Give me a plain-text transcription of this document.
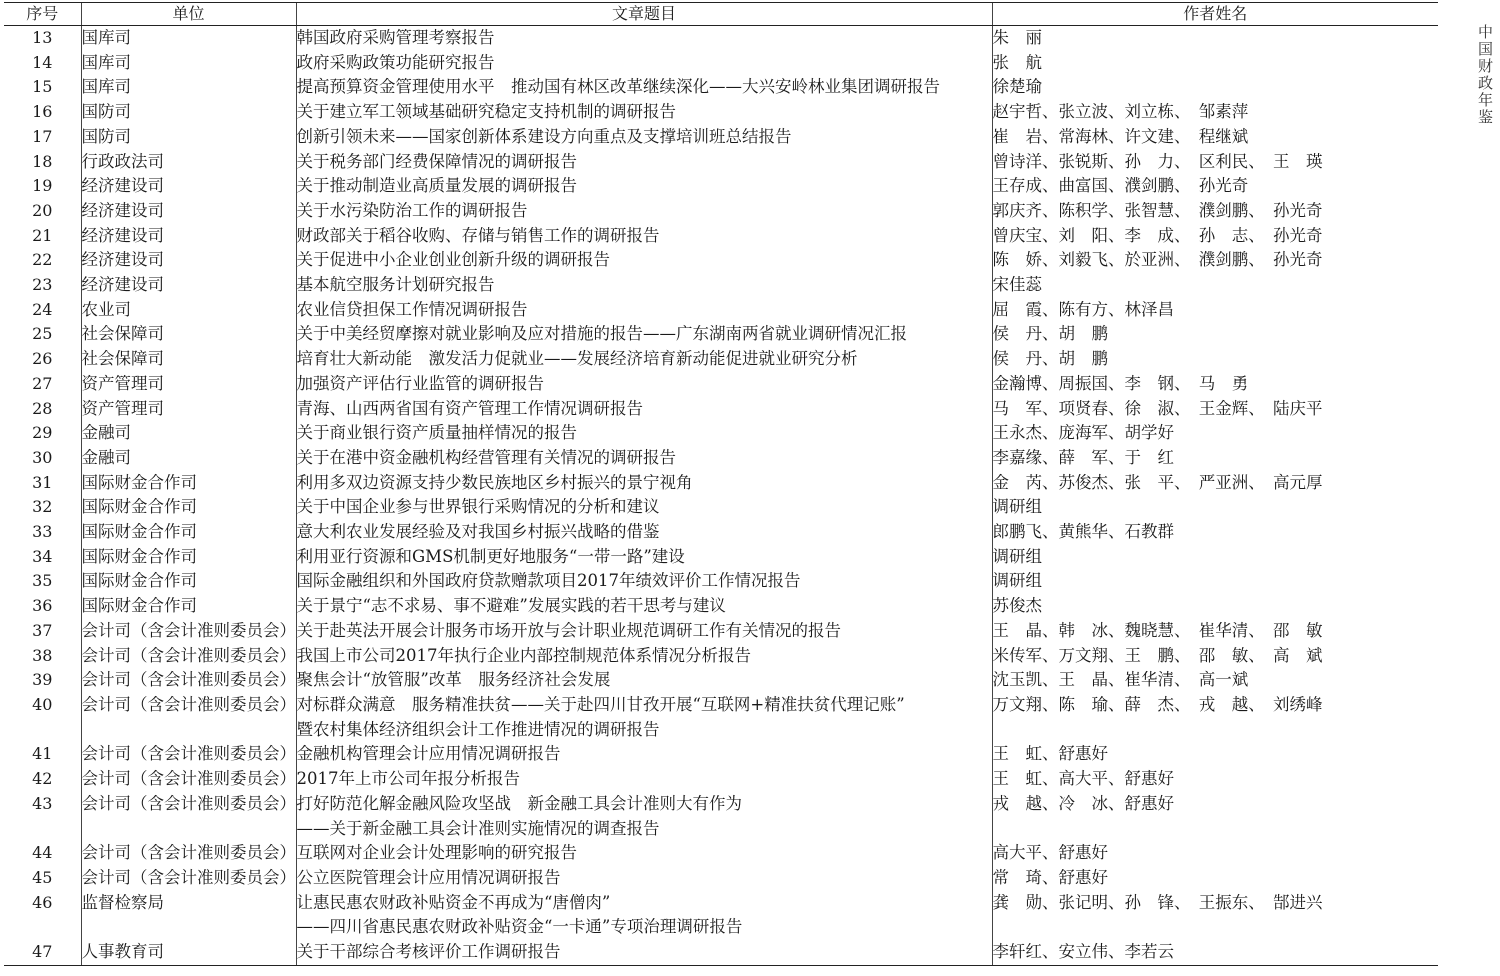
序号	单位	文章题目	作者姓名
13	国库司	韩国政府采购管理考察报告	朱　丽
14	国库司	政府采购政策功能研究报告	张　航
15	国库司	提高预算资金管理使用水平　推动国有林区改革继续深化——大兴安岭林业集团调研报告	徐楚瑜
16	国防司	关于建立军工领域基础研究稳定支持机制的调研报告	赵宇哲、张立波、刘立栋、　邹素萍
17	国防司	创新引领未来——国家创新体系建设方向重点及支撑培训班总结报告	崔　岩、常海林、许文建、　程继斌
18	行政政法司	关于税务部门经费保障情况的调研报告	曾诗洋、张锐斯、孙　力、　区利民、　王　瑛
19	经济建设司	关于推动制造业高质量发展的调研报告	王存成、曲富国、濮剑鹏、　孙光奇
20	经济建设司	关于水污染防治工作的调研报告	郭庆齐、陈积学、张智慧、　濮剑鹏、　孙光奇
21	经济建设司	财政部关于稻谷收购、存储与销售工作的调研报告	曾庆宝、刘　阳、李　成、　孙　志、　孙光奇
22	经济建设司	关于促进中小企业创业创新升级的调研报告	陈　娇、刘毅飞、於亚洲、　濮剑鹏、　孙光奇
23	经济建设司	基本航空服务计划研究报告	宋佳蕊
24	农业司	农业信贷担保工作情况调研报告	屈　霞、陈有方、林泽昌
25	社会保障司	关于中美经贸摩擦对就业影响及应对措施的报告——广东湖南两省就业调研情况汇报	侯　丹、胡　鹏
26	社会保障司	培育壮大新动能　激发活力促就业——发展经济培育新动能促进就业研究分析	侯　丹、胡　鹏
27	资产管理司	加强资产评估行业监管的调研报告	金瀚博、周振国、李　钢、　马　勇
28	资产管理司	青海、山西两省国有资产管理工作情况调研报告	马　军、项贤春、徐　淑、　王金辉、　陆庆平
29	金融司	关于商业银行资产质量抽样情况的报告	王永杰、庞海军、胡学好
30	金融司	关于在港中资金融机构经营管理有关情况的调研报告	李嘉缘、薛　军、于　红
31	国际财金合作司	利用多双边资源支持少数民族地区乡村振兴的景宁视角	金　芮、苏俊杰、张　平、　严亚洲、　高元厚
32	国际财金合作司	关于中国企业参与世界银行采购情况的分析和建议	调研组
33	国际财金合作司	意大利农业发展经验及对我国乡村振兴战略的借鉴	郎鹏飞、黄熊华、石教群
34	国际财金合作司	利用亚行资源和GMS机制更好地服务“一带一路”建设	调研组
35	国际财金合作司	国际金融组织和外国政府贷款赠款项目2017年绩效评价工作情况报告	调研组
36	国际财金合作司	关于景宁“志不求易、事不避难”发展实践的若干思考与建议	苏俊杰
37	会计司（含会计准则委员会）	关于赴英法开展会计服务市场开放与会计职业规范调研工作有关情况的报告	王　晶、韩　冰、魏晓慧、　崔华清、　邵　敏
38	会计司（含会计准则委员会）	我国上市公司2017年执行企业内部控制规范体系情况分析报告	米传军、万文翔、王　鹏、　邵　敏、　高　斌
39	会计司（含会计准则委员会）	聚焦会计“放管服”改革　服务经济社会发展	沈玉凯、王　晶、崔华清、　高一斌
40	会计司（含会计准则委员会）	对标群众满意　服务精准扶贫——关于赴四川甘孜开展“互联网+精准扶贫代理记账”	万文翔、陈　瑜、薛　杰、　戎　越、　刘绣峰
		暨农村集体经济组织会计工作推进情况的调研报告	
41	会计司（含会计准则委员会）	金融机构管理会计应用情况调研报告	王　虹、舒惠好
42	会计司（含会计准则委员会）	2017年上市公司年报分析报告	王　虹、高大平、舒惠好
43	会计司（含会计准则委员会）	打好防范化解金融风险攻坚战　新金融工具会计准则大有作为	戎　越、冷　冰、舒惠好
		——关于新金融工具会计准则实施情况的调查报告	
44	会计司（含会计准则委员会）	互联网对企业会计处理影响的研究报告	高大平、舒惠好
45	会计司（含会计准则委员会）	公立医院管理会计应用情况调研报告	常　琦、舒惠好
46	监督检察局	让惠民惠农财政补贴资金不再成为“唐僧肉”	龚　勋、张记明、孙　锋、　王振东、　郜进兴
		——四川省惠民惠农财政补贴资金“一卡通”专项治理调研报告	
47	人事教育司	关于干部综合考核评价工作调研报告	李轩红、安立伟、李若云
中国财政年鉴
